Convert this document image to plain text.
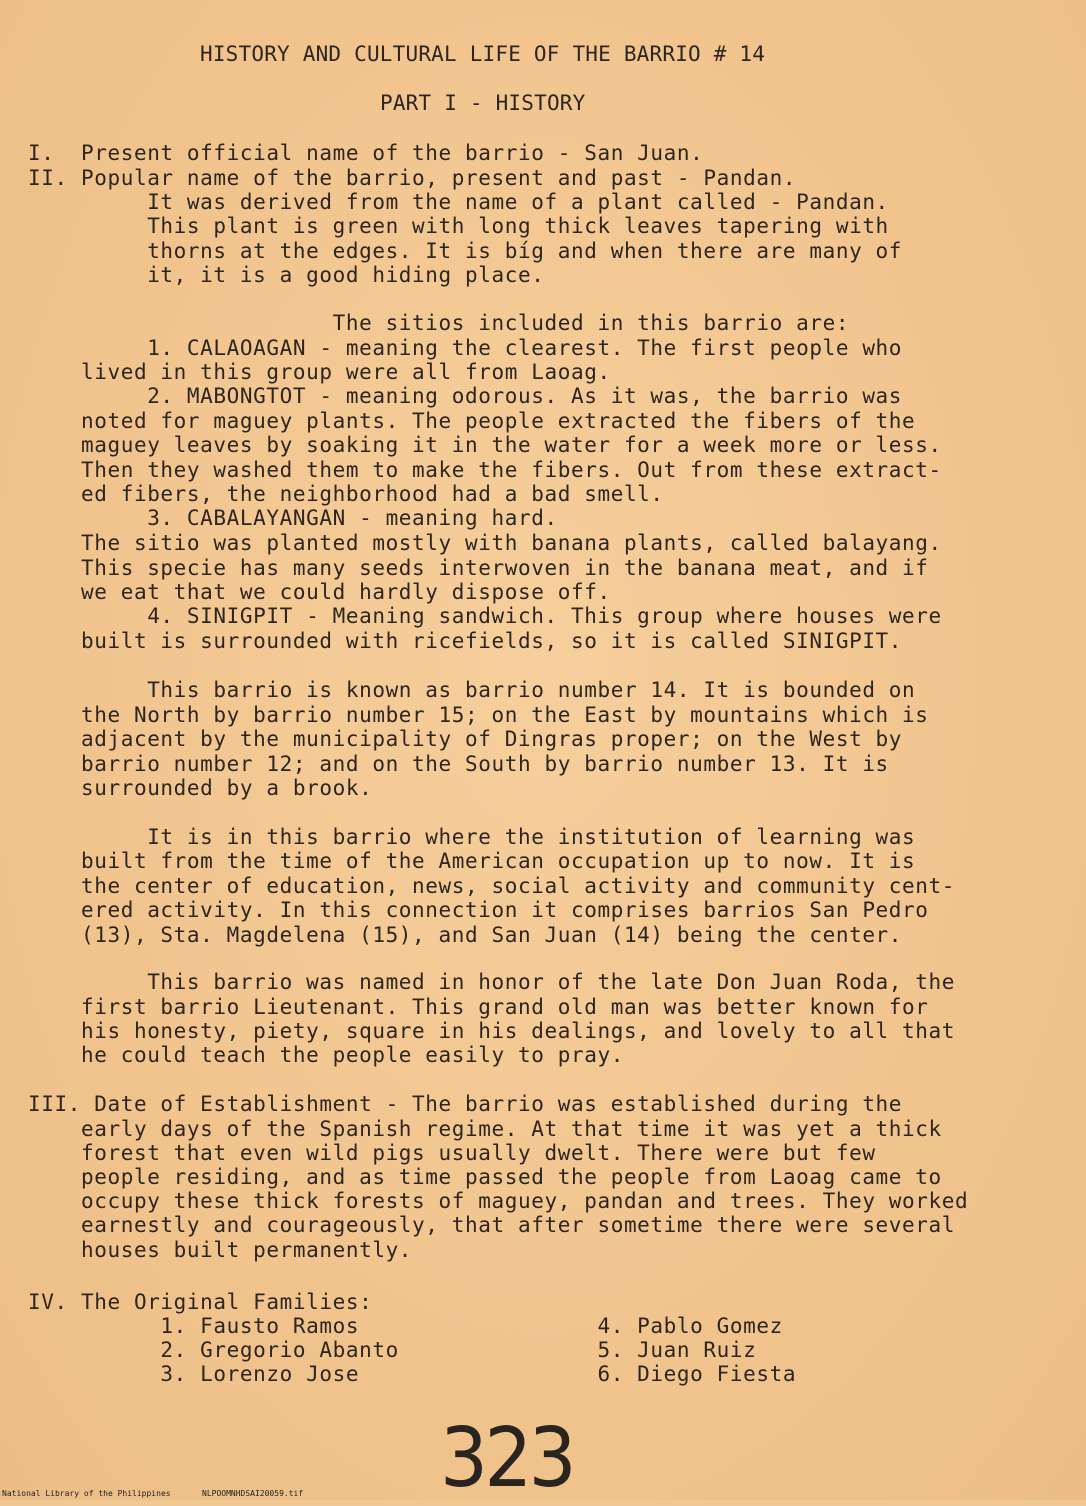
HISTORY AND CULTURAL LIFE OF THE BARRIO # 14
PART I - HISTORY
I.  Present official name of the barrio - San Juan.
II. Popular name of the barrio, present and past - Pandan.
It was derived from the name of a plant called - Pandan.
This plant is green with long thick leaves tapering with
thorns at the edges. It is bíg and when there are many of
it, it is a good hiding place.
The sitios included in this barrio are:
1. CALAOAGAN - meaning the clearest. The first people who
lived in this group were all from Laoag.
2. MABONGTOT - meaning odorous. As it was, the barrio was
noted for maguey plants. The people extracted the fibers of the
maguey leaves by soaking it in the water for a week more or less.
Then they washed them to make the fibers. Out from these extract-
ed fibers, the neighborhood had a bad smell.
3. CABALAYANGAN - meaning hard.
The sitio was planted mostly with banana plants, called balayang.
This specie has many seeds interwoven in the banana meat, and if
we eat that we could hardly dispose off.
4. SINIGPIT - Meaning sandwich. This group where houses were
built is surrounded with ricefields, so it is called SINIGPIT.
This barrio is known as barrio number 14. It is bounded on
the North by barrio number 15; on the East by mountains which is
adjacent by the municipality of Dingras proper; on the West by
barrio number 12; and on the South by barrio number 13. It is
surrounded by a brook.
It is in this barrio where the institution of learning was
built from the time of the American occupation up to now. It is
the center of education, news, social activity and community cent-
ered activity. In this connection it comprises barrios San Pedro
(13), Sta. Magdelena (15), and San Juan (14) being the center.
This barrio was named in honor of the late Don Juan Roda, the
first barrio Lieutenant. This grand old man was better known for
his honesty, piety, square in his dealings, and lovely to all that
he could teach the people easily to pray.
III. Date of Establishment - The barrio was established during the
early days of the Spanish regime. At that time it was yet a thick
forest that even wild pigs usually dwelt. There were but few
people residing, and as time passed the people from Laoag came to
occupy these thick forests of maguey, pandan and trees. They worked
earnestly and courageously, that after sometime there were several
houses built permanently.
IV. The Original Families:
1. Fausto Ramos                  4. Pablo Gomez
2. Gregorio Abanto               5. Juan Ruiz
3. Lorenzo Jose                  6. Diego Fiesta
323
National Library of the Philippines	NLPOOMNHDSAI20059.tif
